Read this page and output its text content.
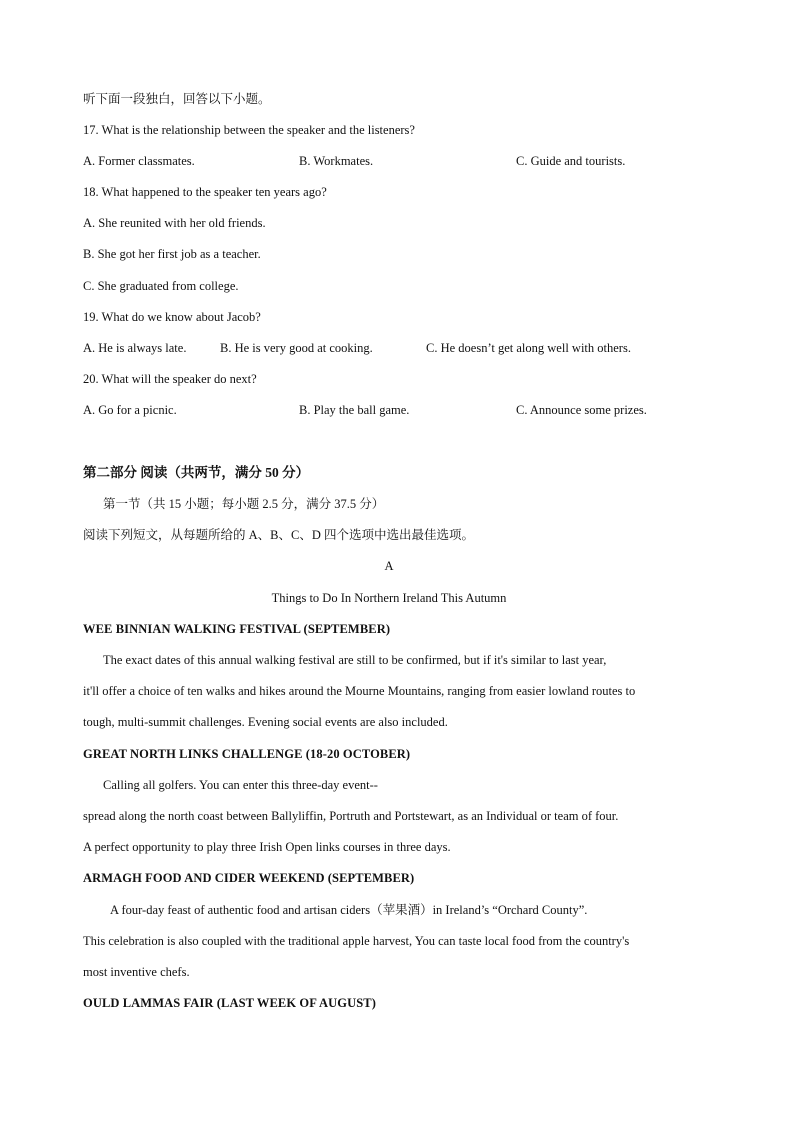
听下面一段独白，回答以下小题。
17. What is the relationship between the speaker and the listeners?
A. Former classmates.	B. Workmates.	C. Guide and tourists.
18. What happened to the speaker ten years ago?
A. She reunited with her old friends.
B. She got her first job as a teacher.
C. She graduated from college.
19. What do we know about Jacob?
A. He is always late.	B. He is very good at cooking.	C. He doesn’t get along well with others.
20. What will the speaker do next?
A. Go for a picnic.	B. Play the ball game.	C. Announce some prizes.
第二部分 阅读（共两节，满分 50 分）
第一节（共 15 小题；每小题 2.5 分，满分 37.5 分）
阅读下列短文，从每题所给的 A、B、C、D 四个选项中选出最佳选项。
A
Things to Do In Northern Ireland This Autumn
WEE BINNIAN WALKING FESTIVAL (SEPTEMBER)
The exact dates of this annual walking festival are still to be confirmed, but if it's similar to last year,
it'll offer a choice of ten walks and hikes around the Mourne Mountains, ranging from easier lowland routes to
tough, multi-summit challenges. Evening social events are also included.
GREAT NORTH LINKS CHALLENGE (18-20 OCTOBER)
Calling all golfers. You can enter this three-day event--
spread along the north coast between Ballyliffin, Portruth and Portstewart, as an Individual or team of four.
A perfect opportunity to play three Irish Open links courses in three days.
ARMAGH FOOD AND CIDER WEEKEND (SEPTEMBER)
A four-day feast of authentic food and artisan ciders（苹果酒）in Ireland’s “Orchard County”.
This celebration is also coupled with the traditional apple harvest, You can taste local food from the country's
most inventive chefs.
OULD LAMMAS FAIR (LAST WEEK OF AUGUST)
